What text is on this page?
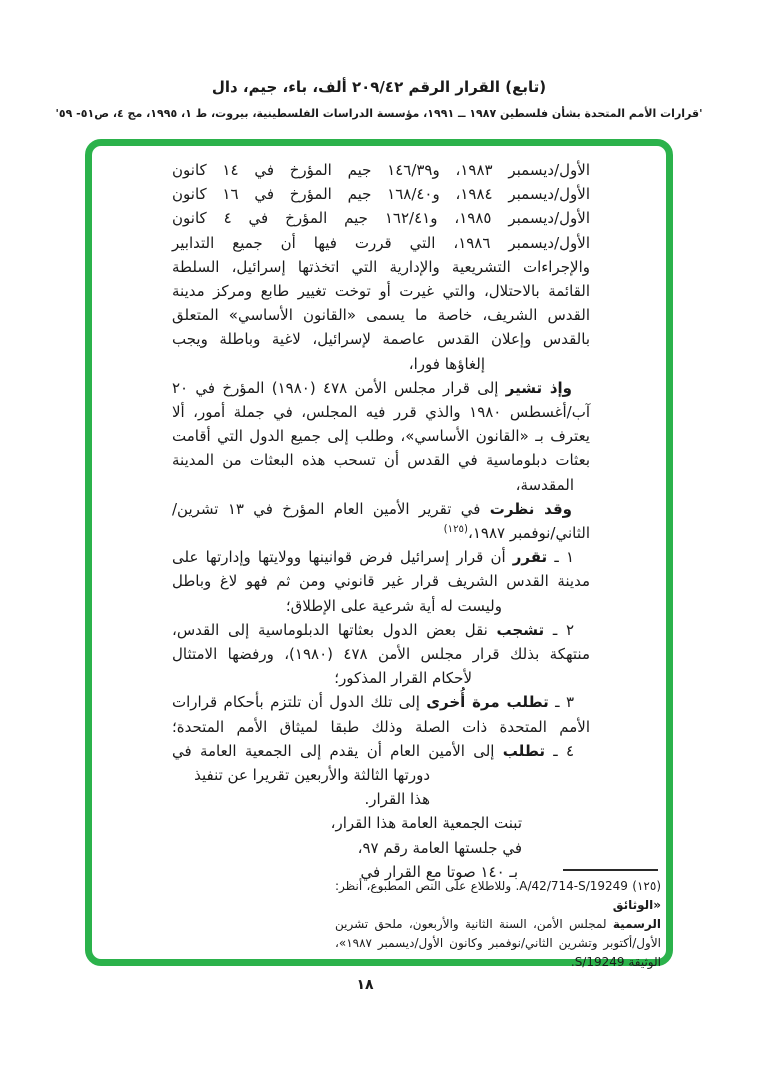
(تابع) القرار الرقم ٢٠٩/٤٢ ألف، باء، جيم، دال
'قرارات الأمم المتحدة بشأن فلسطين ١٩٨٧ ــ ١٩٩١، مؤسسة الدراسات الفلسطينية، بيروت، ط ١، ١٩٩٥، مج ٤، ص٥١- ٥٩'
الأول/ديسمبر ١٩٨٣، و١٤٦/٣٩ جيم المؤرخ في ١٤ كانون
الأول/ديسمبر ١٩٨٤، و١٦٨/٤٠ جيم المؤرخ في ١٦ كانون
الأول/ديسمبر ١٩٨٥، و١٦٢/٤١ جيم المؤرخ في ٤ كانون
الأول/ديسمبر ١٩٨٦، التي قررت فيها أن جميع التدابير
والإجراءات التشريعية والإدارية التي اتخذتها إسرائيل، السلطة
القائمة بالاحتلال، والتي غيرت أو توخت تغيير طابع ومركز مدينة
القدس الشريف، خاصة ما يسمى «القانون الأساسي» المتعلق
بالقدس وإعلان القدس عاصمة لإسرائيل، لاغية وباطلة ويجب
إلغاؤها فورا،
وإذ تشير إلى قرار مجلس الأمن ٤٧٨ (١٩٨٠) المؤرخ في ٢٠
آب/أغسطس ١٩٨٠ والذي قرر فيه المجلس، في جملة أمور، ألا
يعترف بـ «القانون الأساسي»، وطلب إلى جميع الدول التي أقامت
بعثات دبلوماسية في القدس أن تسحب هذه البعثات من المدينة
المقدسة،
وقد نظرت في تقرير الأمين العام المؤرخ في ١٣ تشرين/
الثاني/نوفمبر ١٩٨٧،$^{(١٢٥)}$
١ ـ تقرر أن قرار إسرائيل فرض قوانينها وولايتها وإدارتها على
مدينة القدس الشريف قرار غير قانوني ومن ثم فهو لاغ وباطل
وليست له أية شرعية على الإطلاق؛
٢ ـ تشجب نقل بعض الدول بعثاتها الدبلوماسية إلى القدس،
منتهكة بذلك قرار مجلس الأمن ٤٧٨ (١٩٨٠)، ورفضها الامتثال
لأحكام القرار المذكور؛
٣ ـ تطلب مرة أُخرى إلى تلك الدول أن تلتزم بأحكام قرارات
الأمم المتحدة ذات الصلة وذلك طبقا لميثاق الأمم المتحدة؛
٤ ـ تطلب إلى الأمين العام أن يقدم إلى الجمعية العامة في
دورتها الثالثة والأربعين تقريرا عن تنفيذ هذا القرار.
تبنت الجمعية العامة هذا القرار،
في جلستها العامة رقم ٩٧،
بـ ١٤٠ صوتا مع القرار في
(١٢٥) A/42/714-S/19249. وللاطلاع على النص المطبوع، أنظر: «الوثائق
الرسمية لمجلس الأمن، السنة الثانية والأربعون، ملحق تشرين
الأول/أكتوبر وتشرين الثاني/نوفمبر وكانون الأول/ديسمبر ١٩٨٧»،
الوثيقة S/19249.
١٨
